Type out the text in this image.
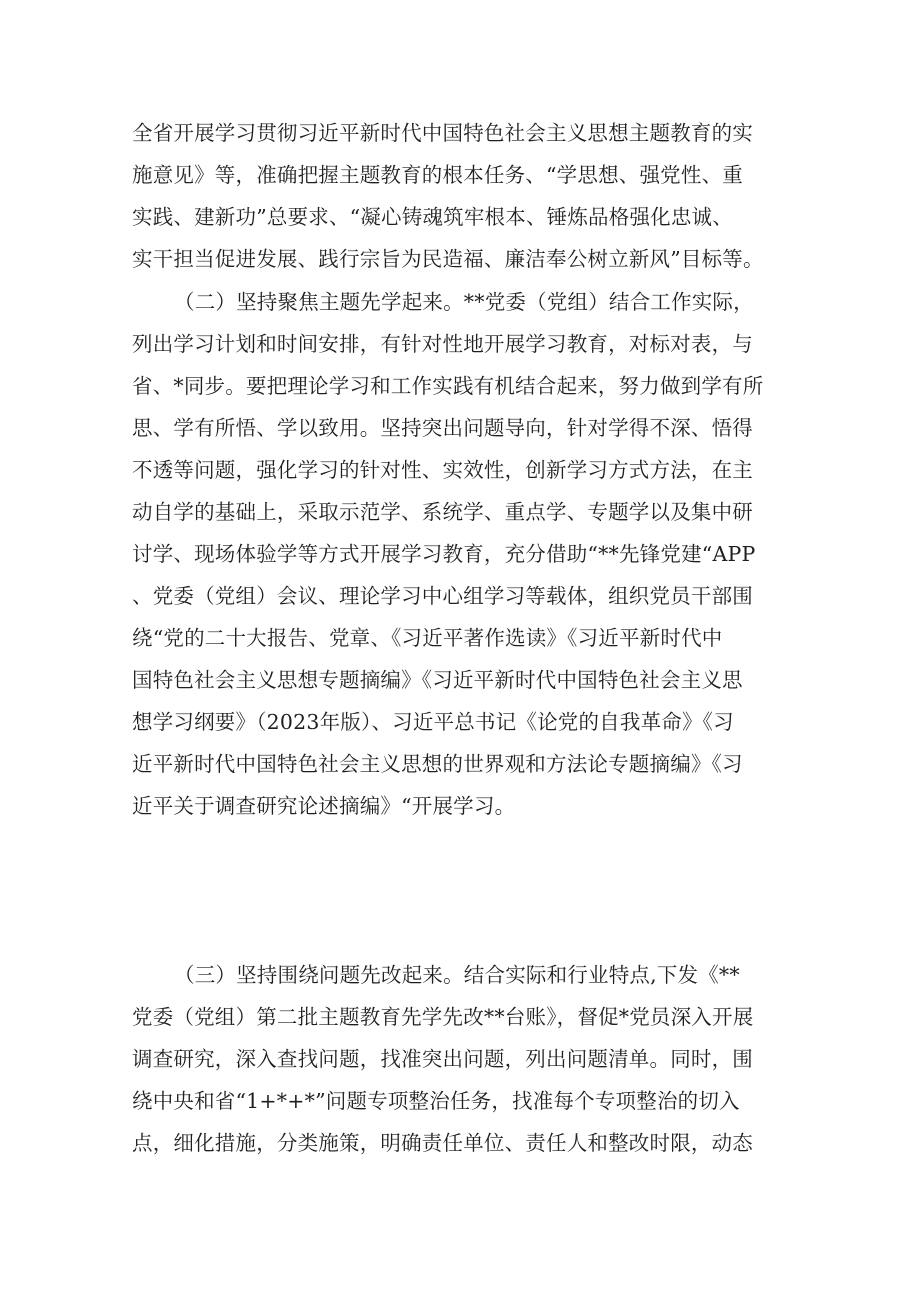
全省开展学习贯彻习近平新时代中国特色社会主义思想主题教育的实
施意见》等，准确把握主题教育的根本任务、“学思想、强党性、重
实践、建新功”总要求、“凝心铸魂筑牢根本、锤炼品格强化忠诚、
实干担当促进发展、践行宗旨为民造福、廉洁奉公树立新风”目标等。
（二）坚持聚焦主题先学起来。**党委（党组）结合工作实际，
列出学习计划和时间安排，有针对性地开展学习教育，对标对表，与
省、*同步。要把理论学习和工作实践有机结合起来，努力做到学有所
思、学有所悟、学以致用。坚持突出问题导向，针对学得不深、悟得
不透等问题，强化学习的针对性、实效性，创新学习方式方法，在主
动自学的基础上，采取示范学、系统学、重点学、专题学以及集中研
讨学、现场体验学等方式开展学习教育，充分借助“**先锋党建“APP
、党委（党组）会议、理论学习中心组学习等载体，组织党员干部围
绕“党的二十大报告、党章、《习近平著作选读》《习近平新时代中
国特色社会主义思想专题摘编》《习近平新时代中国特色社会主义思
想学习纲要》（2023年版）、习近平总书记《论党的自我革命》《习
近平新时代中国特色社会主义思想的世界观和方法论专题摘编》《习
近平关于调查研究论述摘编》“开展学习。
（三）坚持围绕问题先改起来。结合实际和行业特点,下发《**
党委（党组）第二批主题教育先学先改**台账》，督促*党员深入开展
调查研究，深入查找问题，找准突出问题，列出问题清单。同时，围
绕中央和省“1+*+*”问题专项整治任务，找准每个专项整治的切入
点，细化措施，分类施策，明确责任单位、责任人和整改时限，动态
